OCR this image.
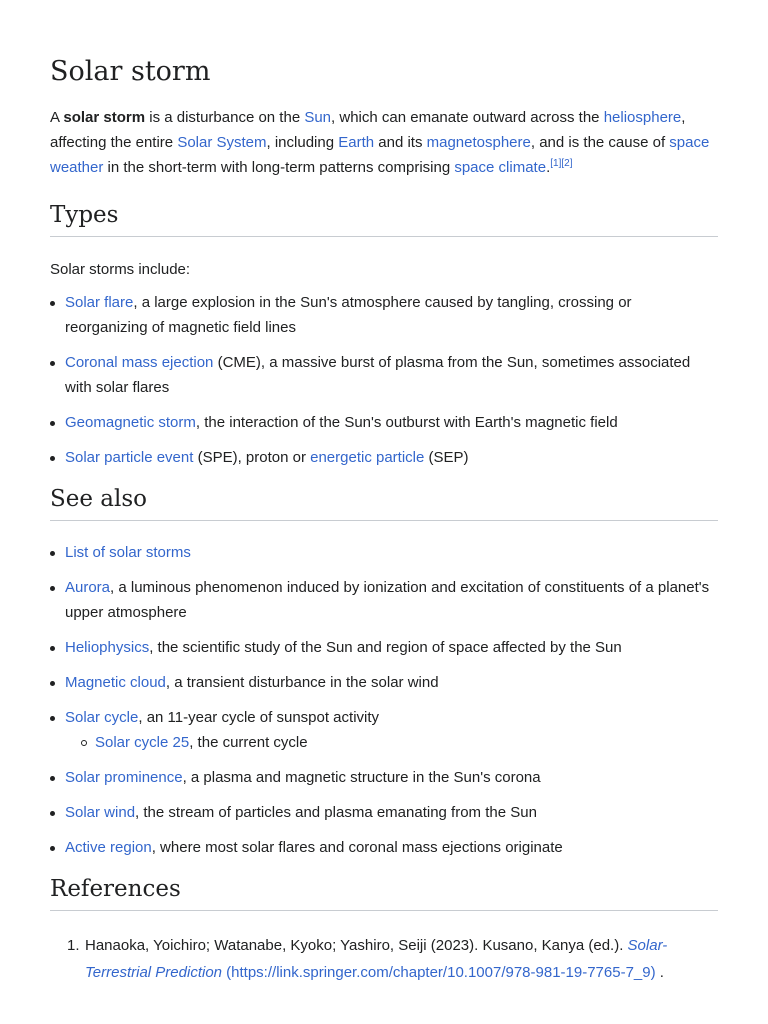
Solar storm

A solar storm is a disturbance on the Sun, which can emanate outward across the heliosphere, affecting the entire Solar System, including Earth and its magnetosphere, and is the cause of space weather in the short-term with long-term patterns comprising space climate.[1][2]

Types

Solar storms include:

Solar flare, a large explosion in the Sun's atmosphere caused by tangling, crossing or reorganizing of magnetic field lines
Coronal mass ejection (CME), a massive burst of plasma from the Sun, sometimes associated with solar flares
Geomagnetic storm, the interaction of the Sun's outburst with Earth's magnetic field
Solar particle event (SPE), proton or energetic particle (SEP)
See also
List of solar storms
Aurora, a luminous phenomenon induced by ionization and excitation of constituents of a planet's upper atmosphere
Heliophysics, the scientific study of the Sun and region of space affected by the Sun
Magnetic cloud, a transient disturbance in the solar wind
Solar cycle, an 11-year cycle of sunspot activity
Solar cycle 25, the current cycle
Solar prominence, a plasma and magnetic structure in the Sun's corona
Solar wind, the stream of particles and plasma emanating from the Sun
Active region, where most solar flares and coronal mass ejections originate
References
1. Hanaoka, Yoichiro; Watanabe, Kyoko; Yashiro, Seiji (2023). Kusano, Kanya (ed.). Solar-Terrestrial Prediction (https://link.springer.com/chapter/10.1007/978-981-19-7765-7_9) .
